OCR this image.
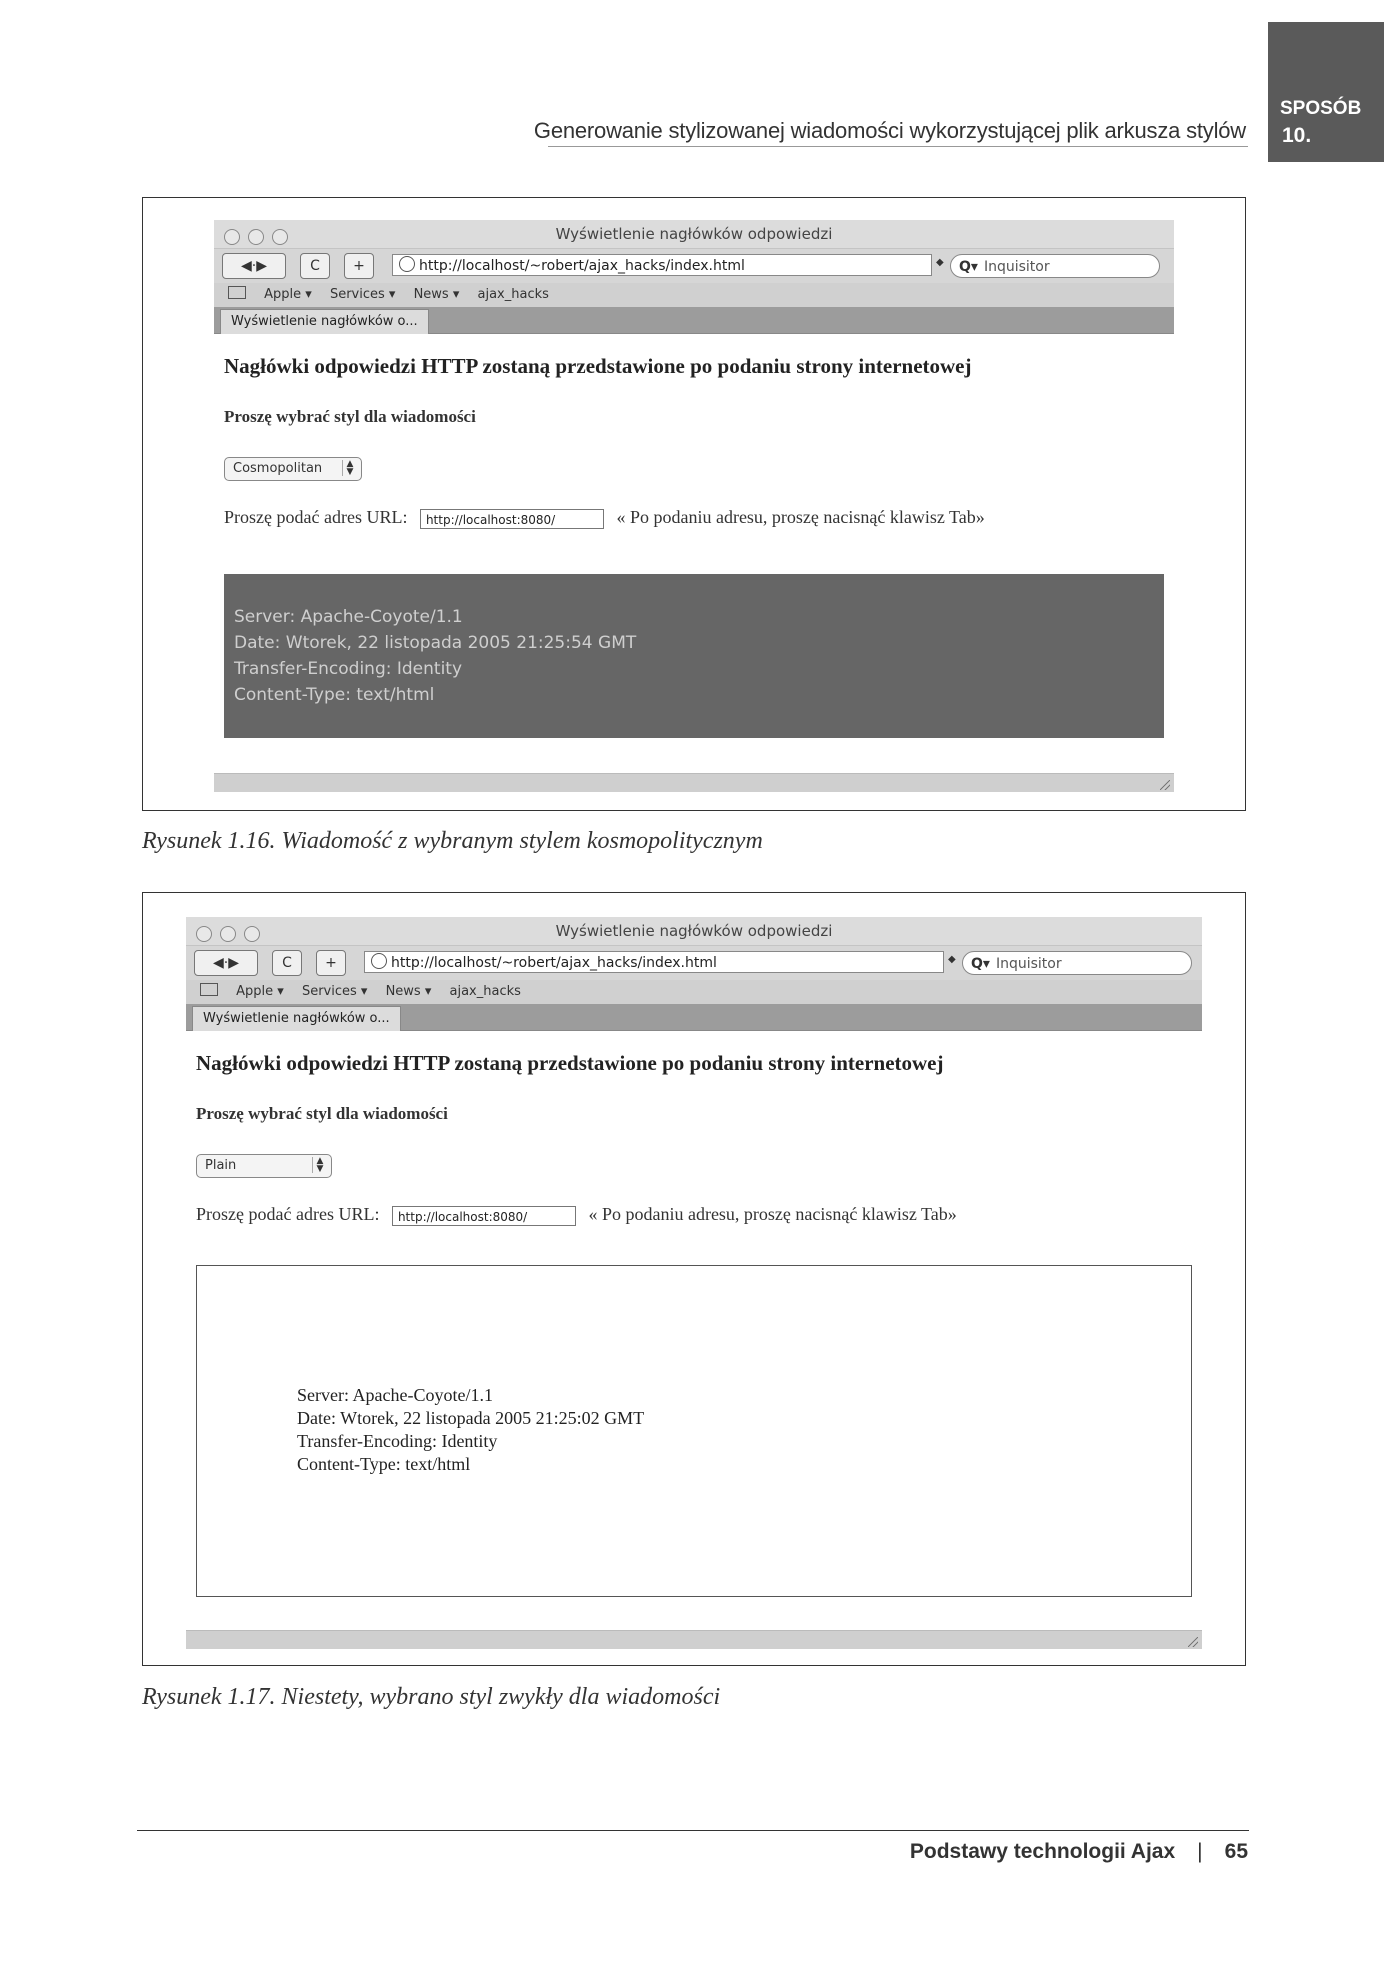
Generowanie stylizowanej wiadomości wykorzystującej plik arkusza stylów
SPOSÓB
10.
Wyświetlenie nagłówków odpowiedzi
◀·▶	C	+	http://localhost/~robert/ajax_hacks/index.html	◆	Q▾ Inquisitor
Apple ▾ Services ▾ News ▾ ajax_hacks
Wyświetlenie nagłówków o...
Nagłówki odpowiedzi HTTP zostaną przedstawione po podaniu strony internetowej
Proszę wybrać styl dla wiadomości
Cosmopolitan	▲
▼
Proszę podać adres URL: http://localhost:8080/	« Po podaniu adresu, proszę nacisnąć klawisz Tab»
Server: Apache-Coyote/1.1
Date: Wtorek, 22 listopada 2005 21:25:54 GMT
Transfer-Encoding: Identity
Content-Type: text/html
Rysunek 1.16. Wiadomość z wybranym stylem kosmopolitycznym
Wyświetlenie nagłówków odpowiedzi
◀·▶	C	+	http://localhost/~robert/ajax_hacks/index.html	◆	Q▾ Inquisitor
Apple ▾ Services ▾ News ▾ ajax_hacks
Wyświetlenie nagłówków o...
Nagłówki odpowiedzi HTTP zostaną przedstawione po podaniu strony internetowej
Proszę wybrać styl dla wiadomości
Plain	▲
▼
Proszę podać adres URL: http://localhost:8080/	« Po podaniu adresu, proszę nacisnąć klawisz Tab»
Server: Apache-Coyote/1.1
Date: Wtorek, 22 listopada 2005 21:25:02 GMT
Transfer-Encoding: Identity
Content-Type: text/html
Rysunek 1.17. Niestety, wybrano styl zwykły dla wiadomości
Podstawy technologii Ajax | 65
